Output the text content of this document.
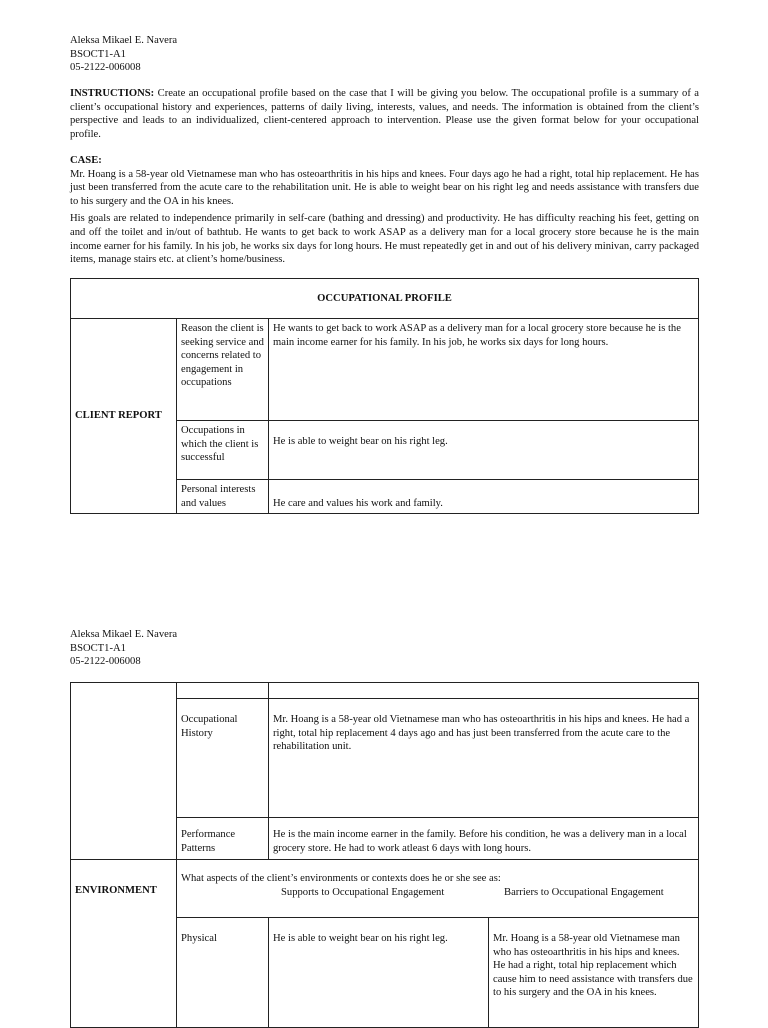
Aleksa Mikael E. Navera
BSOCT1-A1
05-2122-006008

INSTRUCTIONS: Create an occupational profile based on the case that I will be giving you below. The occupational profile is a summary of a client’s occupational history and experiences, patterns of daily living, interests, values, and needs. The information is obtained from the client’s perspective and leads to an individualized, client-centered approach to intervention. Please use the given format below for your occupational profile.

CASE:

Mr. Hoang is a 58-year old Vietnamese man who has osteoarthritis in his hips and knees. Four days ago he had a right, total hip replacement. He has just been transferred from the acute care to the rehabilitation unit. He is able to weight bear on his right leg and needs assistance with transfers due to his surgery and the OA in his knees.

His goals are related to independence primarily in self-care (bathing and dressing) and productivity. He has difficulty reaching his feet, getting on and off the toilet and in/out of bathtub. He wants to get back to work ASAP as a delivery man for a local grocery store because he is the main income earner for his family. In his job, he works six days for long hours. He must repeatedly get in and out of his delivery minivan, carry packaged items, manage stairs etc. at client’s home/business.

OCCUPATIONAL PROFILE		
CLIENT REPORT	Reason the client is seeking service and concerns related to engagement in occupations	He wants to get back to work ASAP as a delivery man for a local grocery store because he is the main income earner for his family. In his job, he works six days for long hours.
	Occupations in which the client is successful	He is able to weight bear on his right leg.
	Personal interests and values	He care and values his work and family.
Aleksa Mikael E. Navera
BSOCT1-A1
05-2122-006008

	Occupational History	Mr. Hoang is a 58-year old Vietnamese man who has osteoarthritis in his hips and knees. He had a right, total hip replacement 4 days ago and has just been transferred from the acute care to the rehabilitation unit.	
	Performance Patterns	He is the main income earner in the family. Before his condition, he was a delivery man in a local grocery store. He had to work atleast 6 days with long hours.	
ENVIRONMENT	What aspects of the client’s environments or contexts does he or she see as:
Supports to Occupational Engagement Barriers to Occupational Engagement		

	Physical	He is able to weight bear on his right leg.	Mr. Hoang is a 58-year old Vietnamese man who has osteoarthritis in his hips and knees. He had a right, total hip replacement which cause him to need assistance with transfers due to his surgery and the OA in his knees.
